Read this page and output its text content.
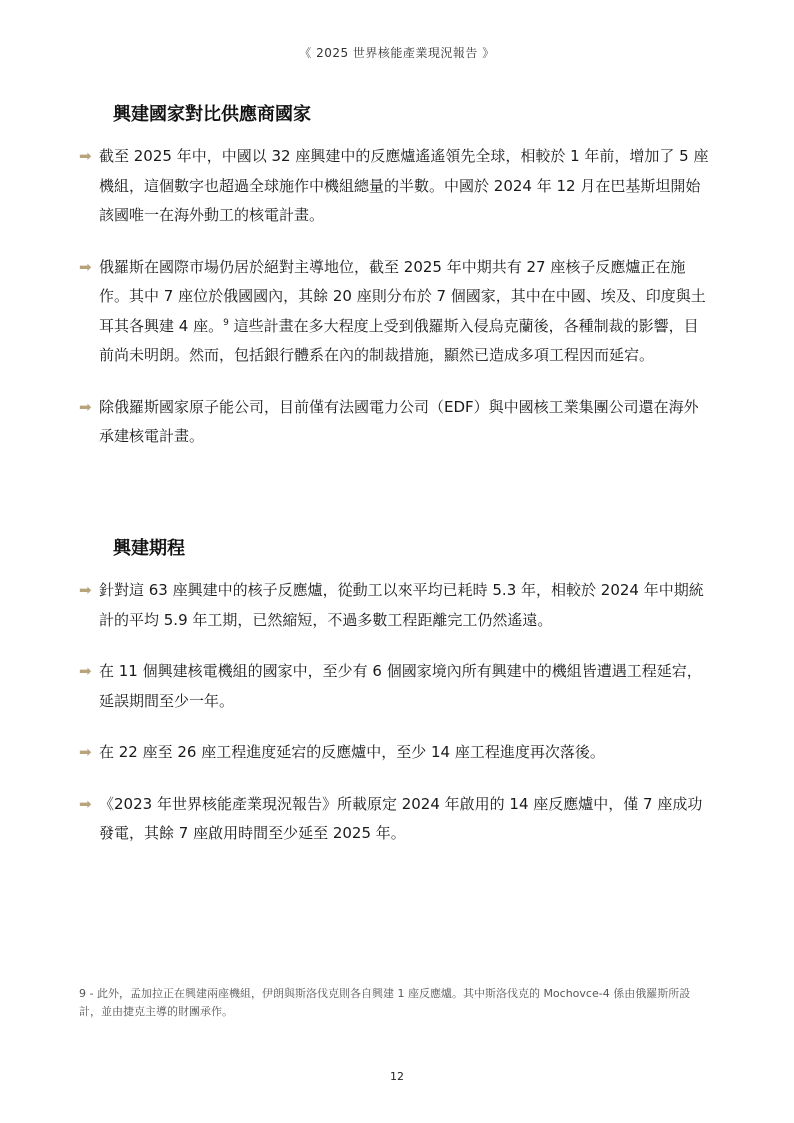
《 2025 世界核能產業現況報告 》
興建國家對比供應商國家
➡ 截至 2025 年中，中國以 32 座興建中的反應爐遙遙領先全球，相較於 1 年前，增加了 5 座機組，這個數字也超過全球施作中機組總量的半數。中國於 2024 年 12 月在巴基斯坦開始該國唯一在海外動工的核電計畫。
➡ 俄羅斯在國際市場仍居於絕對主導地位，截至 2025 年中期共有 27 座核子反應爐正在施作。其中 7 座位於俄國國內，其餘 20 座則分布於 7 個國家，其中在中國、埃及、印度與土耳其各興建 4 座。$^9$ 這些計畫在多大程度上受到俄羅斯入侵烏克蘭後，各種制裁的影響，目前尚未明朗。然而，包括銀行體系在內的制裁措施，顯然已造成多項工程因而延宕。
➡ 除俄羅斯國家原子能公司，目前僅有法國電力公司（EDF）與中國核工業集團公司還在海外承建核電計畫。
興建期程
➡ 針對這 63 座興建中的核子反應爐，從動工以來平均已耗時 5.3 年，相較於 2024 年中期統計的平均 5.9 年工期，已然縮短，不過多數工程距離完工仍然遙遠。
➡ 在 11 個興建核電機組的國家中，至少有 6 個國家境內所有興建中的機組皆遭遇工程延宕，延誤期間至少一年。
➡ 在 22 座至 26 座工程進度延宕的反應爐中，至少 14 座工程進度再次落後。
➡ 《2023 年世界核能產業現況報告》所載原定 2024 年啟用的 14 座反應爐中，僅 7 座成功發電，其餘 7 座啟用時間至少延至 2025 年。
9 - 此外，孟加拉正在興建兩座機組，伊朗與斯洛伐克則各自興建 1 座反應爐。其中斯洛伐克的 Mochovce-4 係由俄羅斯所設計，並由捷克主導的財團承作。
12
